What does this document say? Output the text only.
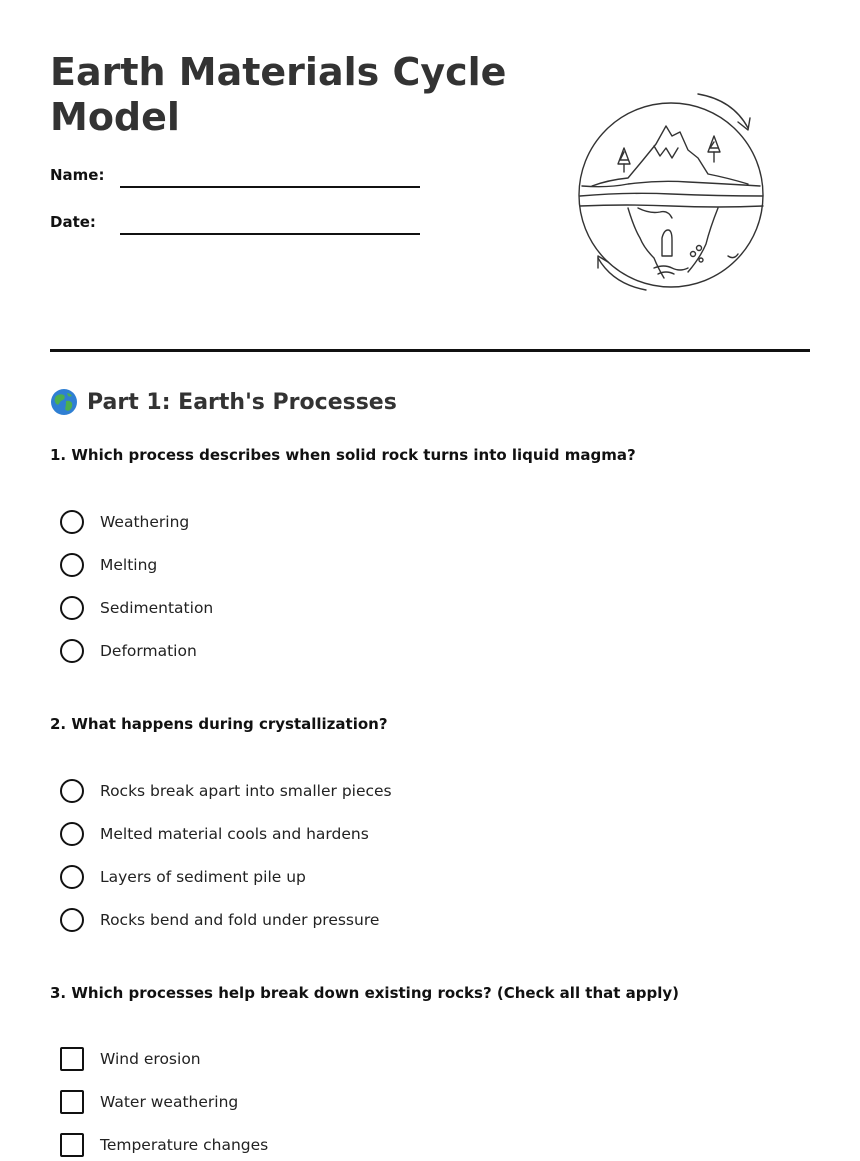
Earth Materials Cycle Model
Name:
Date:
Part 1: Earth's Processes

1. Which process describes when solid rock turns into liquid magma?

Weathering
Melting
Sedimentation
Deformation

2. What happens during crystallization?

Rocks break apart into smaller pieces
Melted material cools and hardens
Layers of sediment pile up
Rocks bend and fold under pressure

3. Which processes help break down existing rocks? (Check all that apply)

Wind erosion
Water weathering
Temperature changes
